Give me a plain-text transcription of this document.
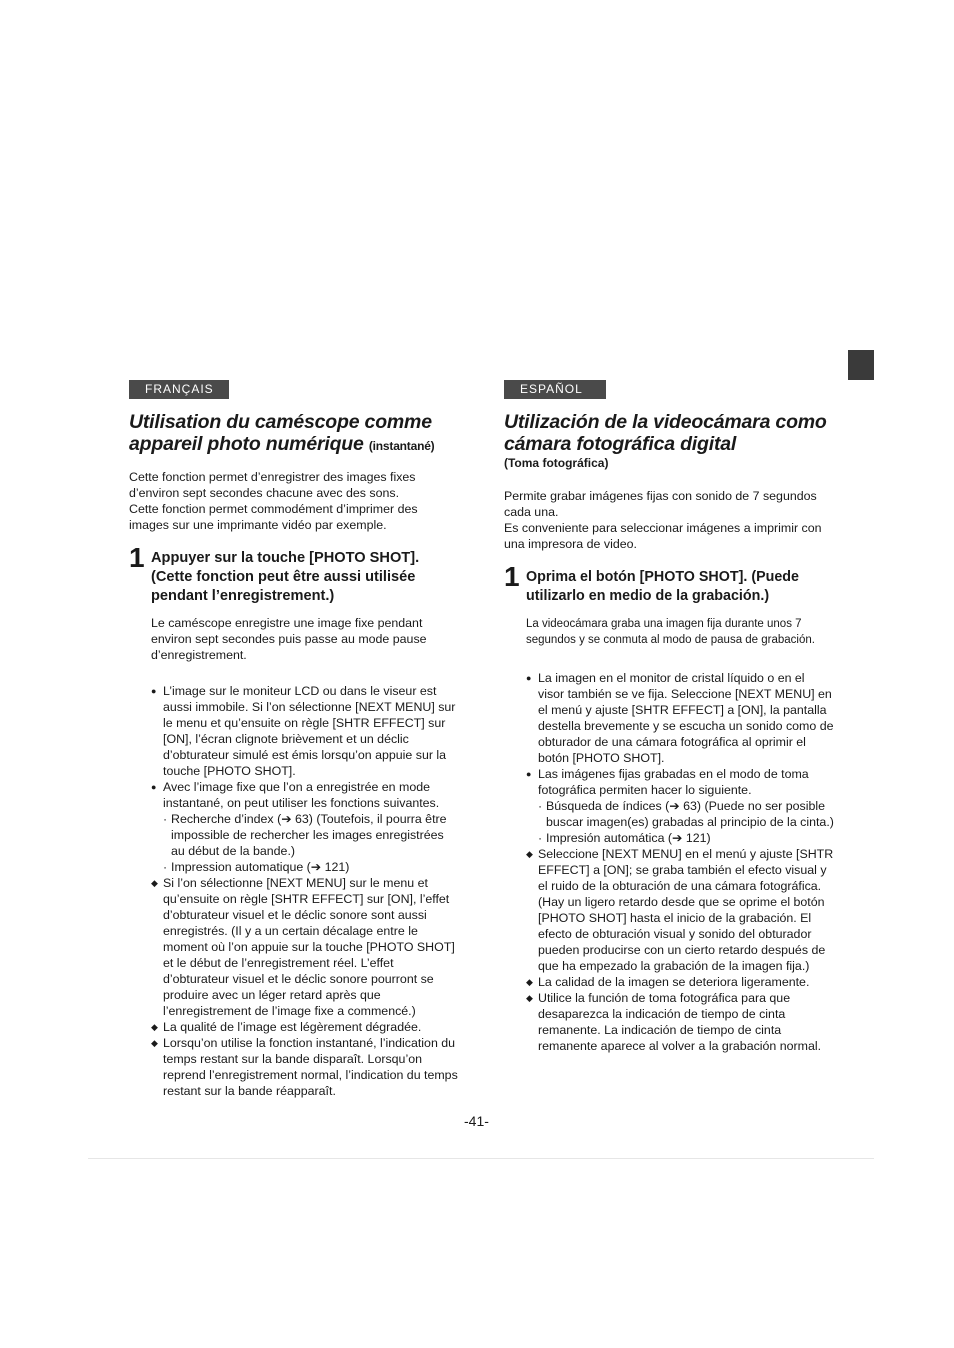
FRANÇAIS
Utilisation du caméscope comme appareil photo numérique (instantané)

Cette fonction permet d’enregistrer des images fixes d’environ sept secondes chacune avec des sons.

Cette fonction permet commodément d’imprimer des images sur une imprimante vidéo par exemple.

1 Appuyer sur la touche [PHOTO SHOT]. (Cette fonction peut être aussi utilisée pendant l’enregistrement.)
Le caméscope enregistre une image fixe pendant environ sept secondes puis passe au mode pause d’enregistrement.
● L’image sur le moniteur LCD ou dans le viseur est aussi immobile. Si l’on sélectionne [NEXT MENU] sur le menu et qu’ensuite on règle [SHTR EFFECT] sur [ON], l’écran clignote brièvement et un déclic d’obturateur simulé est émis lorsqu’on appuie sur la touche [PHOTO SHOT].
● Avec l’image fixe que l’on a enregistrée en mode instantané, on peut utiliser les fonctions suivantes.
· Recherche d’index (➔ 63) (Toutefois, il pourra être impossible de rechercher les images enregistrées au début de la bande.)
· Impression automatique (➔ 121)
◆ Si l’on sélectionne [NEXT MENU] sur le menu et qu’ensuite on règle [SHTR EFFECT] sur [ON], l’effet d’obturateur visuel et le déclic sonore sont aussi enregistrés. (Il y a un certain décalage entre le moment où l’on appuie sur la touche [PHOTO SHOT] et le début de l’enregistrement réel. L’effet d’obturateur visuel et le déclic sonore pourront se produire avec un léger retard après que l’enregistrement de l’image fixe a commencé.)
◆ La qualité de l’image est légèrement dégradée.
◆ Lorsqu’on utilise la fonction instantané, l’indication du temps restant sur la bande disparaît. Lorsqu’on reprend l’enregistrement normal, l’indication du temps restant sur la bande réapparaît.
ESPAÑOL
Utilización de la videocámara como cámara fotográfica digital
(Toma fotográfica)

Permite grabar imágenes fijas con sonido de 7 segundos cada una.

Es conveniente para seleccionar imágenes a imprimir con una impresora de video.

1 Oprima el botón [PHOTO SHOT]. (Puede utilizarlo en medio de la grabación.)
La videocámara graba una imagen fija durante unos 7 segundos y se conmuta al modo de pausa de grabación.
● La imagen en el monitor de cristal líquido o en el visor también se ve fija. Seleccione [NEXT MENU] en el menú y ajuste [SHTR EFFECT] a [ON], la pantalla destella brevemente y se escucha un sonido como de obturador de una cámara fotográfica al oprimir el botón [PHOTO SHOT].
● Las imágenes fijas grabadas en el modo de toma fotográfica permiten hacer lo siguiente.
· Búsqueda de índices (➔ 63) (Puede no ser posible buscar imagen(es) grabadas al principio de la cinta.)
· Impresión automática (➔ 121)
◆ Seleccione [NEXT MENU] en el menú y ajuste [SHTR EFFECT] a [ON]; se graba también el efecto visual y el ruido de la obturación de una cámara fotográfica. (Hay un ligero retardo desde que se oprime el botón [PHOTO SHOT] hasta el inicio de la grabación. El efecto de obturación visual y sonido del obturador pueden producirse con un cierto retardo después de que ha empezado la grabación de la imagen fija.)
◆ La calidad de la imagen se deteriora ligeramente.
◆ Utilice la función de toma fotográfica para que desaparezca la indicación de tiempo de cinta remanente. La indicación de tiempo de cinta remanente aparece al volver a la grabación normal.
-41-
